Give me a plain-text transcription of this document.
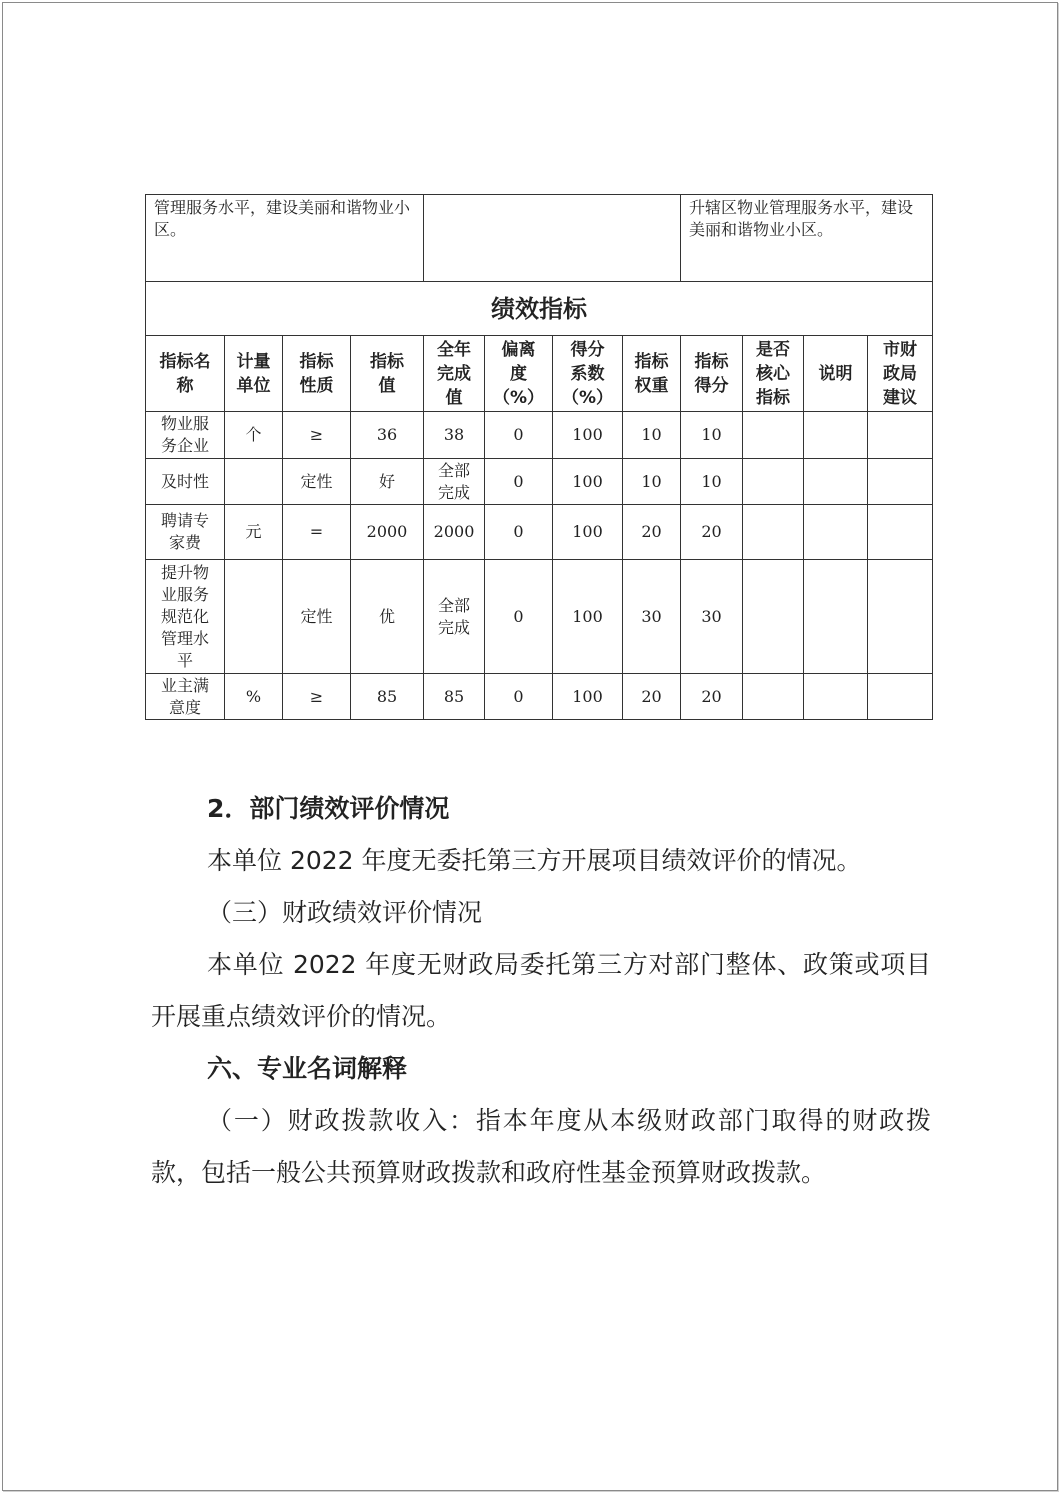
管理服务水平，建设美丽和谐物业小区。								升辖区物业管理服务水平，建设美丽和谐物业小区。			
绩效指标											

指标名
称	计量
单位	指标
性质	指标
值	全年
完成
值	偏离
度
（%）	得分
系数
（%）	指标
权重	指标
得分	是否
核心
指标	说明	市财
政局
建议

物业服
务企业	个	≥	36	38	0	100	10	10			

及时性		定性	好	全部
完成	0	100	10	10			

聘请专
家费	元	=	2000	2000	0	100	20	20			

提升物
业服务
规范化
管理水
平		定性	优	全部
完成	0	100	30	30			

业主满
意度	%	≥	85	85	0	100	20	20			

2．部门绩效评价情况

本单位 2022 年度无委托第三方开展项目绩效评价的情况。

（三）财政绩效评价情况

本单位 2022 年度无财政局委托第三方对部门整体、政策或项目开展重点绩效评价的情况。

六、专业名词解释

（一）财政拨款收入：指本年度从本级财政部门取得的财政拨款，包括一般公共预算财政拨款和政府性基金预算财政拨款。
